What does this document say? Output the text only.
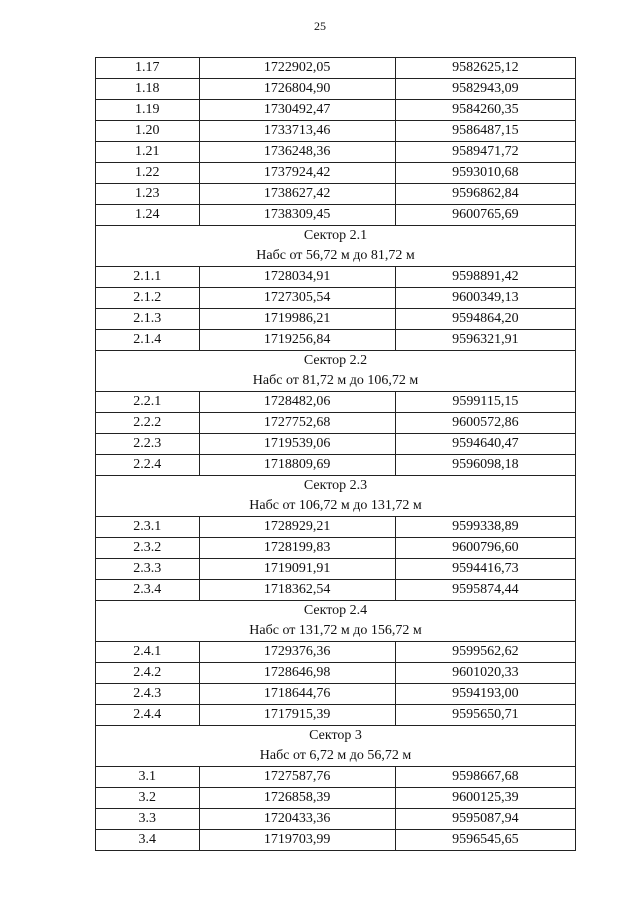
25
1.17	1722902,05	9582625,12
1.18	1726804,90	9582943,09
1.19	1730492,47	9584260,35
1.20	1733713,46	9586487,15
1.21	1736248,36	9589471,72
1.22	1737924,42	9593010,68
1.23	1738627,42	9596862,84
1.24	1738309,45	9600765,69

Сектор 2.1
Набс от 56,72 м до 81,72 м		

2.1.1	1728034,91	9598891,42
2.1.2	1727305,54	9600349,13
2.1.3	1719986,21	9594864,20
2.1.4	1719256,84	9596321,91

Сектор 2.2
Набс от 81,72 м до 106,72 м		

2.2.1	1728482,06	9599115,15
2.2.2	1727752,68	9600572,86
2.2.3	1719539,06	9594640,47
2.2.4	1718809,69	9596098,18

Сектор 2.3
Набс от 106,72 м до 131,72 м		

2.3.1	1728929,21	9599338,89
2.3.2	1728199,83	9600796,60
2.3.3	1719091,91	9594416,73
2.3.4	1718362,54	9595874,44

Сектор 2.4
Набс от 131,72 м до 156,72 м		

2.4.1	1729376,36	9599562,62
2.4.2	1728646,98	9601020,33
2.4.3	1718644,76	9594193,00
2.4.4	1717915,39	9595650,71

Сектор 3
Набс от 6,72 м до 56,72 м		

3.1	1727587,76	9598667,68
3.2	1726858,39	9600125,39
3.3	1720433,36	9595087,94
3.4	1719703,99	9596545,65
